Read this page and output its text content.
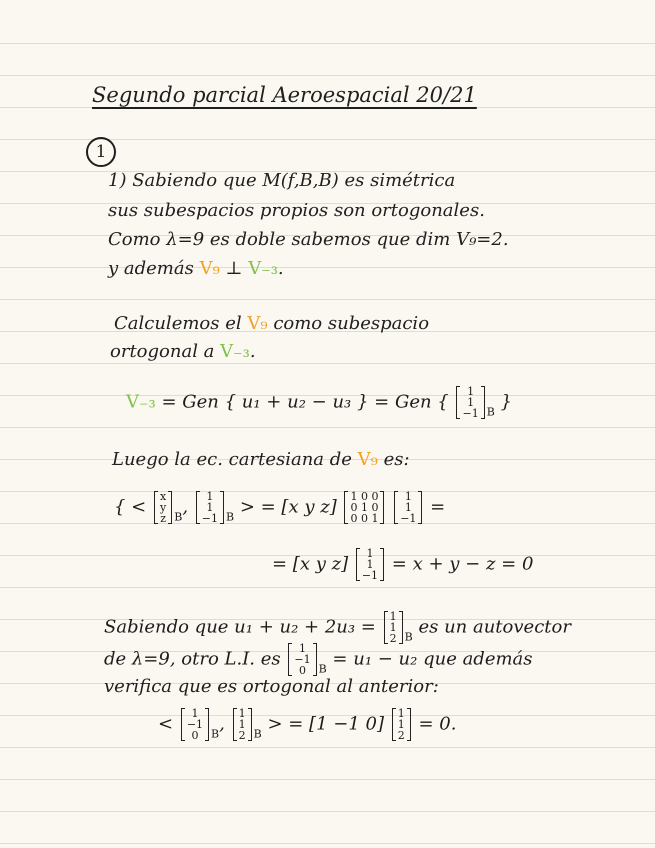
Segundo parcial Aeroespacial 20/21
1
1) Sabiendo que M(f,B,B) es simétrica
sus subespacios propios son ortogonales.
Como λ=9 es doble sabemos que dim V₉=2.
y además V₉ ⊥ V₋₃.
Calculemos el V₉ como subespacio
ortogonal a V₋₃.
V₋₃ = Gen { u₁ + u₂ − u₃ } = Gen {	1
1
−1 $_B$ }
Luego la ec. cartesiana de V₉ es:
{ < x
y
z $_B$,	1
1
−1 $_B$ > = [x y z] 1 0 0
0 1 0
0 0 1

1
1
−1
=
= [x y z]	1
1
−1
= x + y − z = 0
Sabiendo que u₁ + u₂ + 2u₃ = 1
1
2 $_B$ es un autovector
de λ=9, otro L.I. es	1
−1
0	$_B$ = u₁ − u₂ que además
verifica que es ortogonal al anterior:
<	1
−1
0	$_B$, 1
1
2 $_B$ > = [1 −1 0] 1
1
2
= 0.
